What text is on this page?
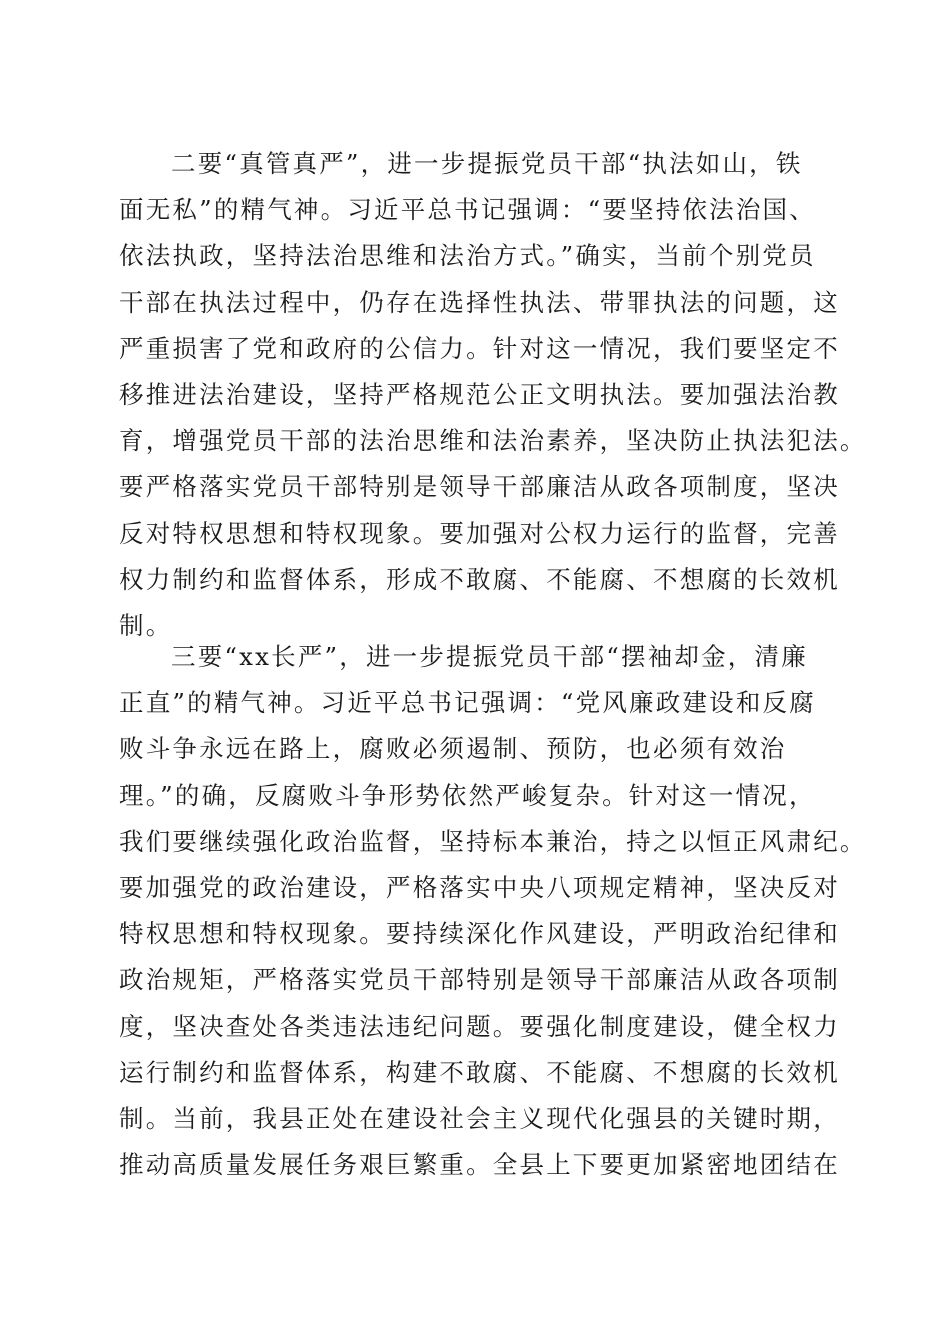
二要“真管真严”，进一步提振党员干部“执法如山，铁
面无私”的精气神。习近平总书记强调：“要坚持依法治国、
依法执政，坚持法治思维和法治方式。”确实，当前个别党员
干部在执法过程中，仍存在选择性执法、带罪执法的问题，这
严重损害了党和政府的公信力。针对这一情况，我们要坚定不
移推进法治建设，坚持严格规范公正文明执法。要加强法治教
育，增强党员干部的法治思维和法治素养，坚决防止执法犯法。
要严格落实党员干部特别是领导干部廉洁从政各项制度，坚决
反对特权思想和特权现象。要加强对公权力运行的监督，完善
权力制约和监督体系，形成不敢腐、不能腐、不想腐的长效机
制。
三要“xx长严”，进一步提振党员干部“摆袖却金，清廉
正直”的精气神。习近平总书记强调：“党风廉政建设和反腐
败斗争永远在路上，腐败必须遏制、预防，也必须有效治
理。”的确，反腐败斗争形势依然严峻复杂。针对这一情况，
我们要继续强化政治监督，坚持标本兼治，持之以恒正风肃纪。
要加强党的政治建设，严格落实中央八项规定精神，坚决反对
特权思想和特权现象。要持续深化作风建设，严明政治纪律和
政治规矩，严格落实党员干部特别是领导干部廉洁从政各项制
度，坚决查处各类违法违纪问题。要强化制度建设，健全权力
运行制约和监督体系，构建不敢腐、不能腐、不想腐的长效机
制。当前，我县正处在建设社会主义现代化强县的关键时期，
推动高质量发展任务艰巨繁重。全县上下要更加紧密地团结在
